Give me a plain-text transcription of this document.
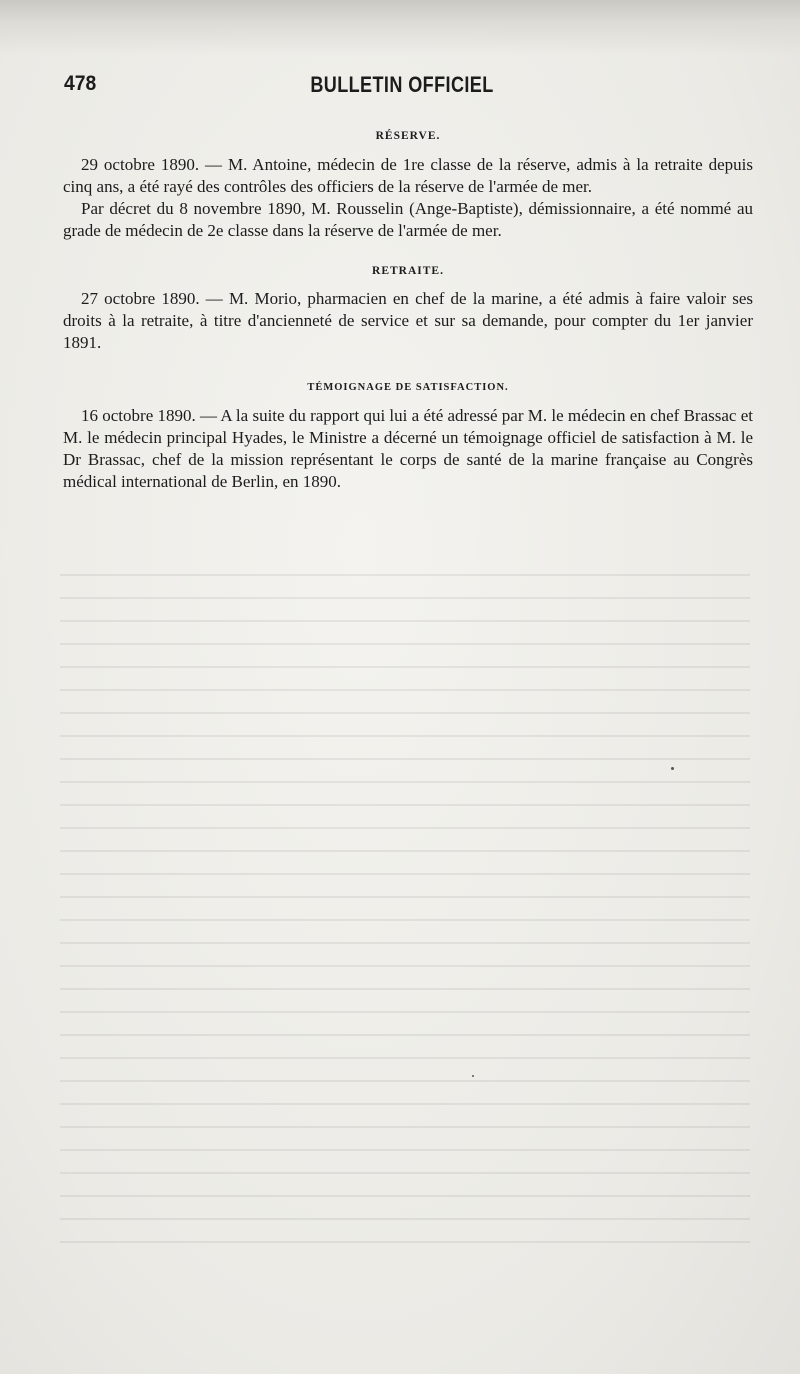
478	BULLETIN OFFICIEL
RÉSERVE.

29 octobre 1890. — M. Antoine, médecin de 1re classe de la réserve, admis à la retraite depuis cinq ans, a été rayé des contrôles des officiers de la réserve de l'armée de mer.

Par décret du 8 novembre 1890, M. Rousselin (Ange-Baptiste), démissionnaire, a été nommé au grade de médecin de 2e classe dans la réserve de l'armée de mer.

RETRAITE.

27 octobre 1890. — M. Morio, pharmacien en chef de la marine, a été admis à faire valoir ses droits à la retraite, à titre d'ancienneté de service et sur sa demande, pour compter du 1er janvier 1891.

TÉMOIGNAGE DE SATISFACTION.

16 octobre 1890. — A la suite du rapport qui lui a été adressé par M. le médecin en chef Brassac et M. le médecin principal Hyades, le Ministre a décerné un témoignage officiel de satisfaction à M. le Dr Brassac, chef de la mission représentant le corps de santé de la marine française au Congrès médical international de Berlin, en 1890.
